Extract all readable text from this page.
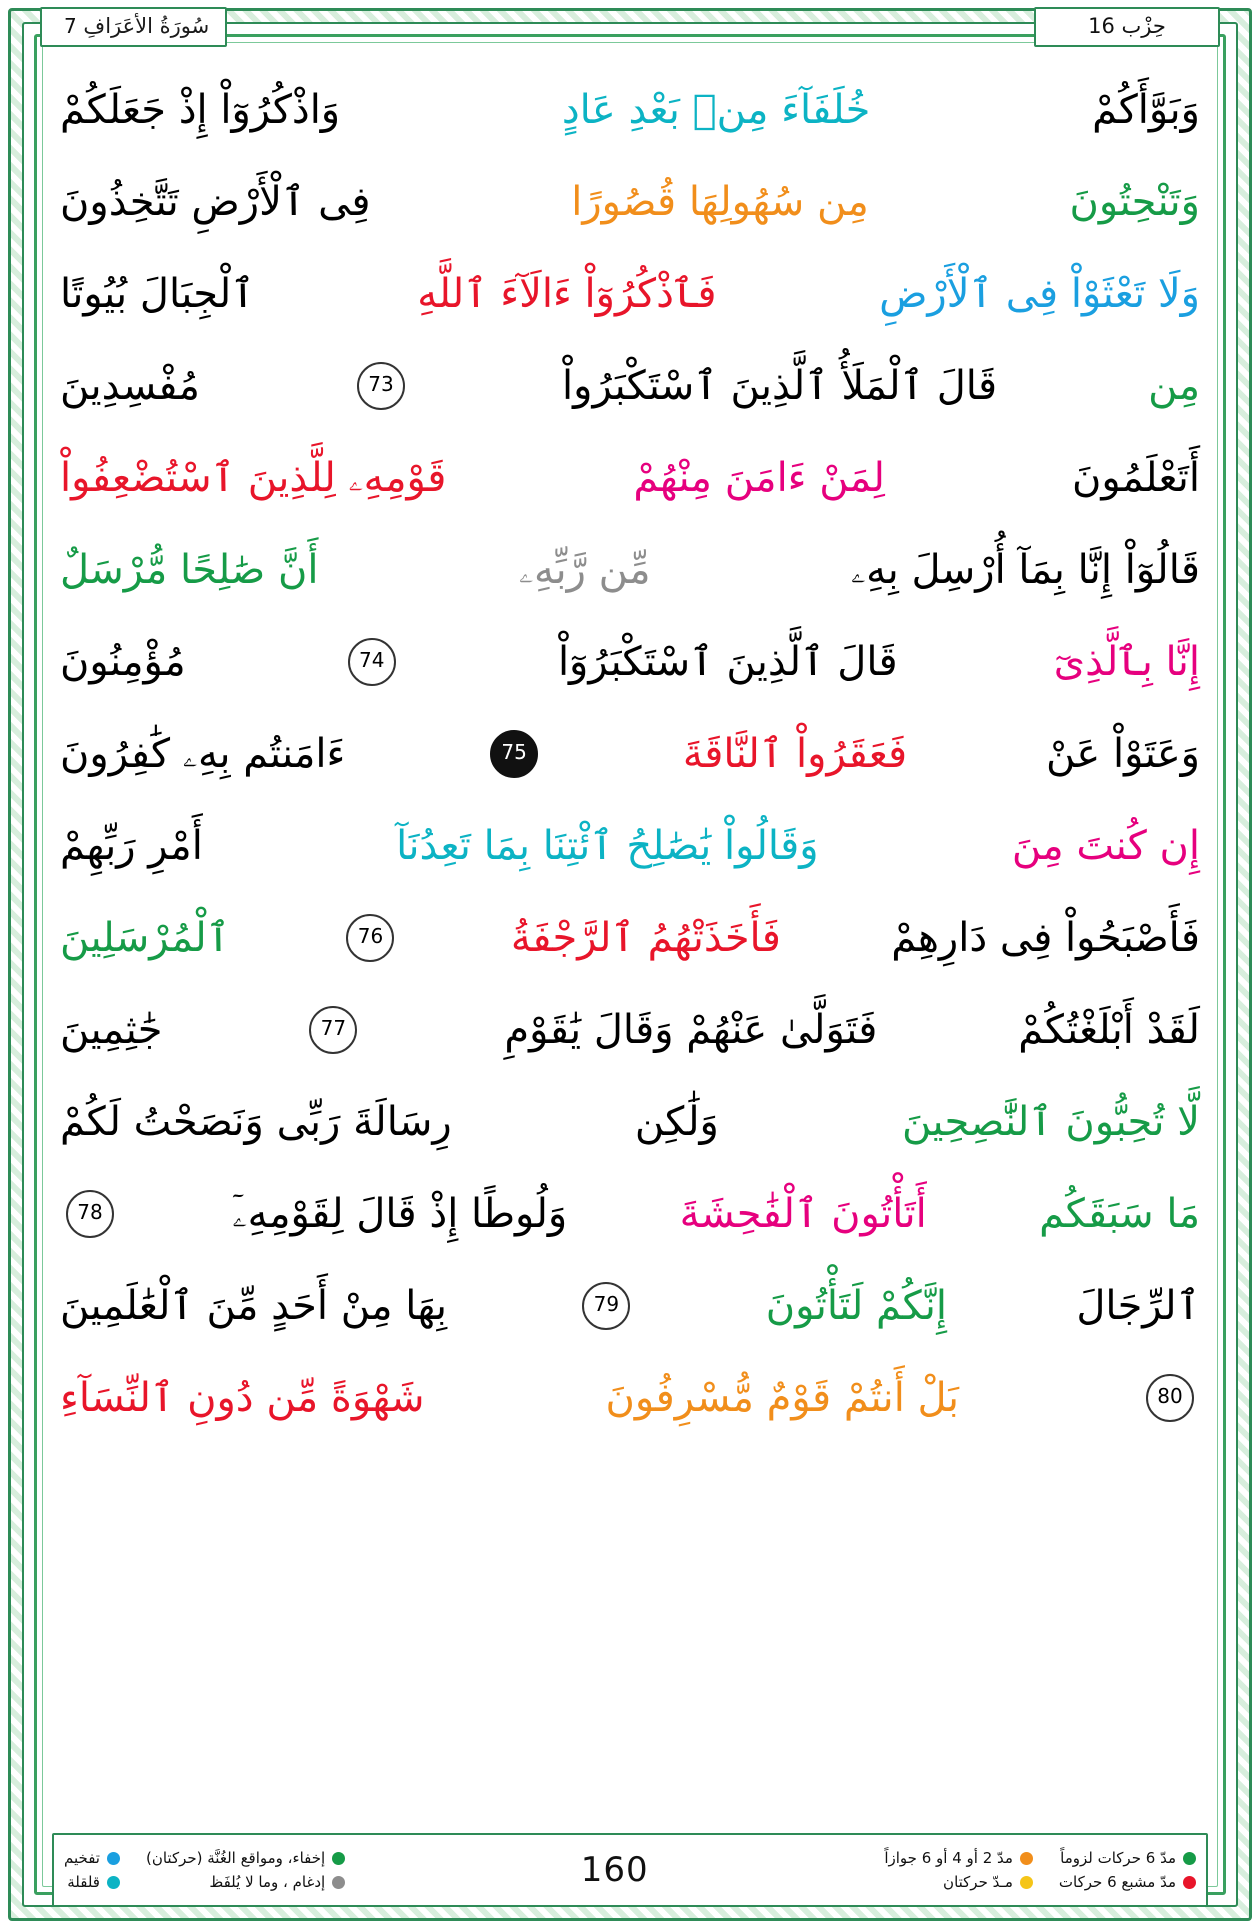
حِزْب 16
سُورَةُ الأعَرَافِ 7
وَبَوَّأَكُمْ
خُلَفَآءَ مِنۢ بَعْدِ عَادٍ
وَاذْكُرُوٓاْ إِذْ جَعَلَكُمْ
وَتَنْحِتُونَ
مِن سُهُولِهَا قُصُورًا
فِى ٱلْأَرْضِ تَتَّخِذُونَ
وَلَا تَعْثَوْاْ فِى ٱلْأَرْضِ
فَٱذْكُرُوٓاْ ءَالَآءَ ٱللَّهِ
ٱلْجِبَالَ بُيُوتًا
مِن
قَالَ ٱلْمَلَأُ ٱلَّذِينَ ٱسْتَكْبَرُواْ
73
مُفْسِدِينَ
أَتَعْلَمُونَ
لِمَنْ ءَامَنَ مِنْهُمْ
قَوْمِهِۦ لِلَّذِينَ ٱسْتُضْعِفُواْ
قَالُوٓاْ إِنَّا بِمَآ أُرْسِلَ بِهِۦ
مِّن رَّبِّهِۦ
أَنَّ صَٰلِحًا مُّرْسَلٌ
إِنَّا بِٱلَّذِىٓ
قَالَ ٱلَّذِينَ ٱسْتَكْبَرُوٓاْ
74
مُؤْمِنُونَ
وَعَتَوْاْ عَنْ
فَعَقَرُواْ ٱلنَّاقَةَ
75
ءَامَنتُم بِهِۦ كَٰفِرُونَ
إِن كُنتَ مِنَ
وَقَالُواْ يَٰصَٰلِحُ ٱئْتِنَا بِمَا تَعِدُنَآ
أَمْرِ رَبِّهِمْ
فَأَصْبَحُواْ فِى دَارِهِمْ
فَأَخَذَتْهُمُ ٱلرَّجْفَةُ
76
ٱلْمُرْسَلِينَ
لَقَدْ أَبْلَغْتُكُمْ
فَتَوَلَّىٰ عَنْهُمْ وَقَالَ يَٰقَوْمِ
77
جَٰثِمِينَ
لَّا تُحِبُّونَ ٱلنَّٰصِحِينَ
وَلَٰكِن
رِسَالَةَ رَبِّى وَنَصَحْتُ لَكُمْ
مَا سَبَقَكُم
أَتَأْتُونَ ٱلْفَٰحِشَةَ
وَلُوطًا إِذْ قَالَ لِقَوْمِهِۦٓ
78
ٱلرِّجَالَ
إِنَّكُمْ لَتَأْتُونَ
79
بِهَا مِنْ أَحَدٍ مِّنَ ٱلْعَٰلَمِينَ
80
بَلْ أَنتُمْ قَوْمٌ مُّسْرِفُونَ
شَهْوَةً مِّن دُونِ ٱلنِّسَآءِ
مدّ 6 حركات لزوماً
مدّ مشبع 6 حركات
مدّ 2 أو 4 أو 6 جوازاً
مـدّ حركتان
160
إخفاء، ومواقع الغُنَّة (حركتان)
إدغام ، وما لا يُلفَظ
تفخيم
قلقلة
